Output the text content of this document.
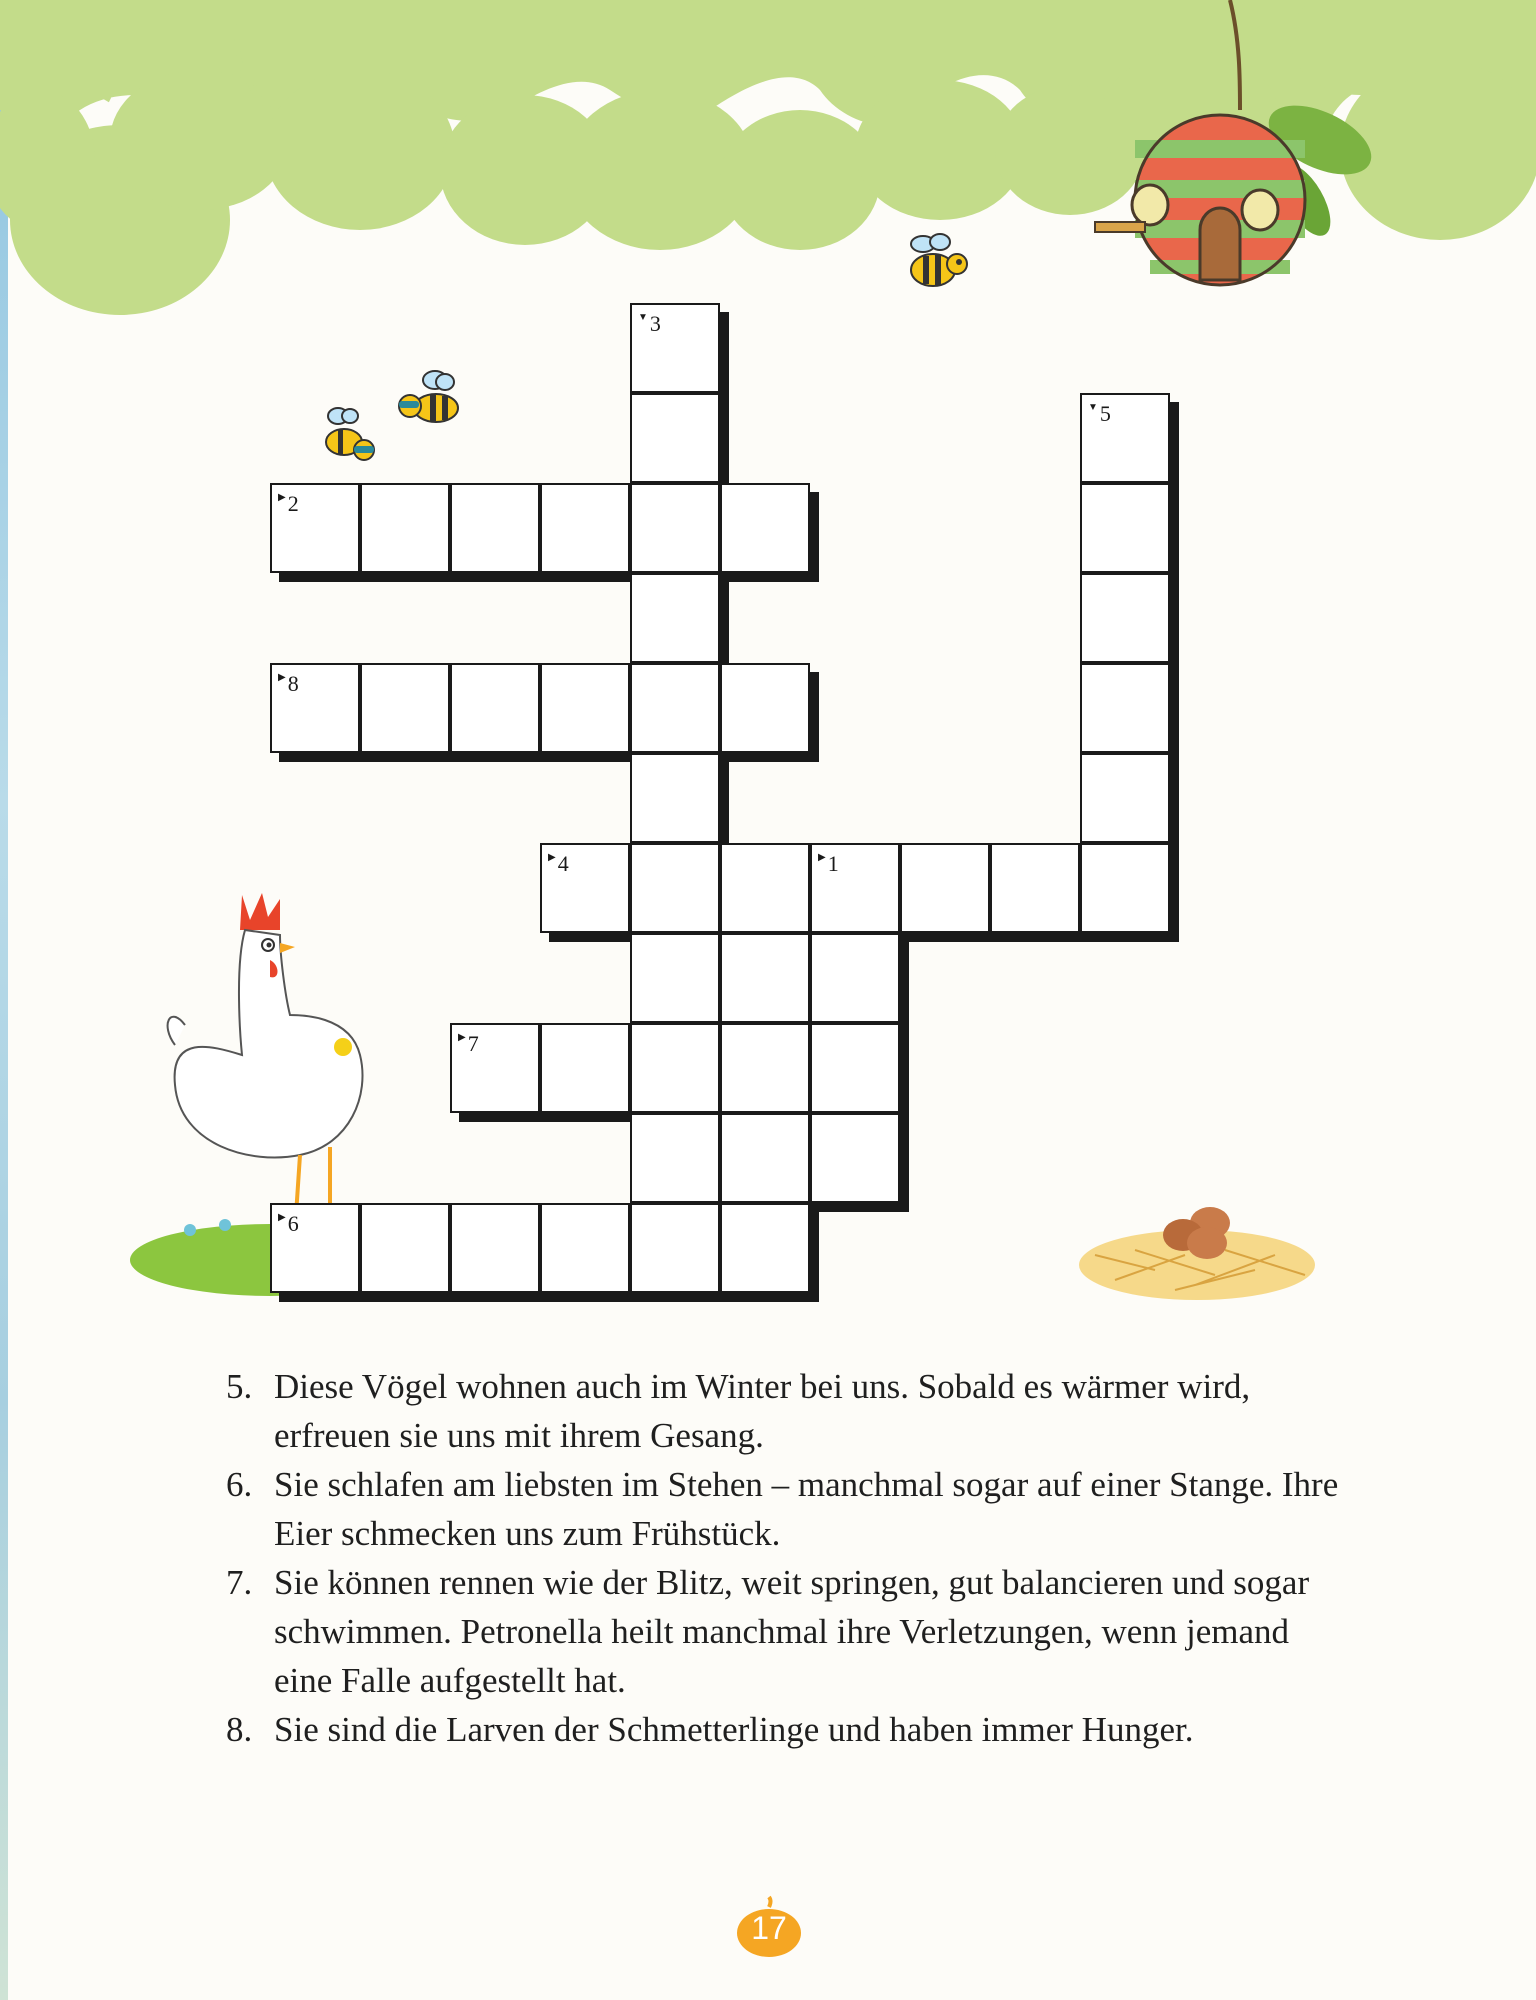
▼3
▼5
▶2
▶8
▶4	▶1
▶7
▶6
5. Diese Vögel wohnen auch im Winter bei uns. Sobald es wärmer wird, erfreuen sie uns mit ihrem Gesang.
6. Sie schlafen am liebsten im Stehen – manchmal sogar auf einer Stange. Ihre Eier schmecken uns zum Frühstück.
7. Sie können rennen wie der Blitz, weit springen, gut balancieren und sogar schwimmen. Petronella heilt manchmal ihre Verletzungen, wenn jemand eine Falle aufgestellt hat.
8. Sie sind die Larven der Schmetterlinge und haben immer Hunger.
17
